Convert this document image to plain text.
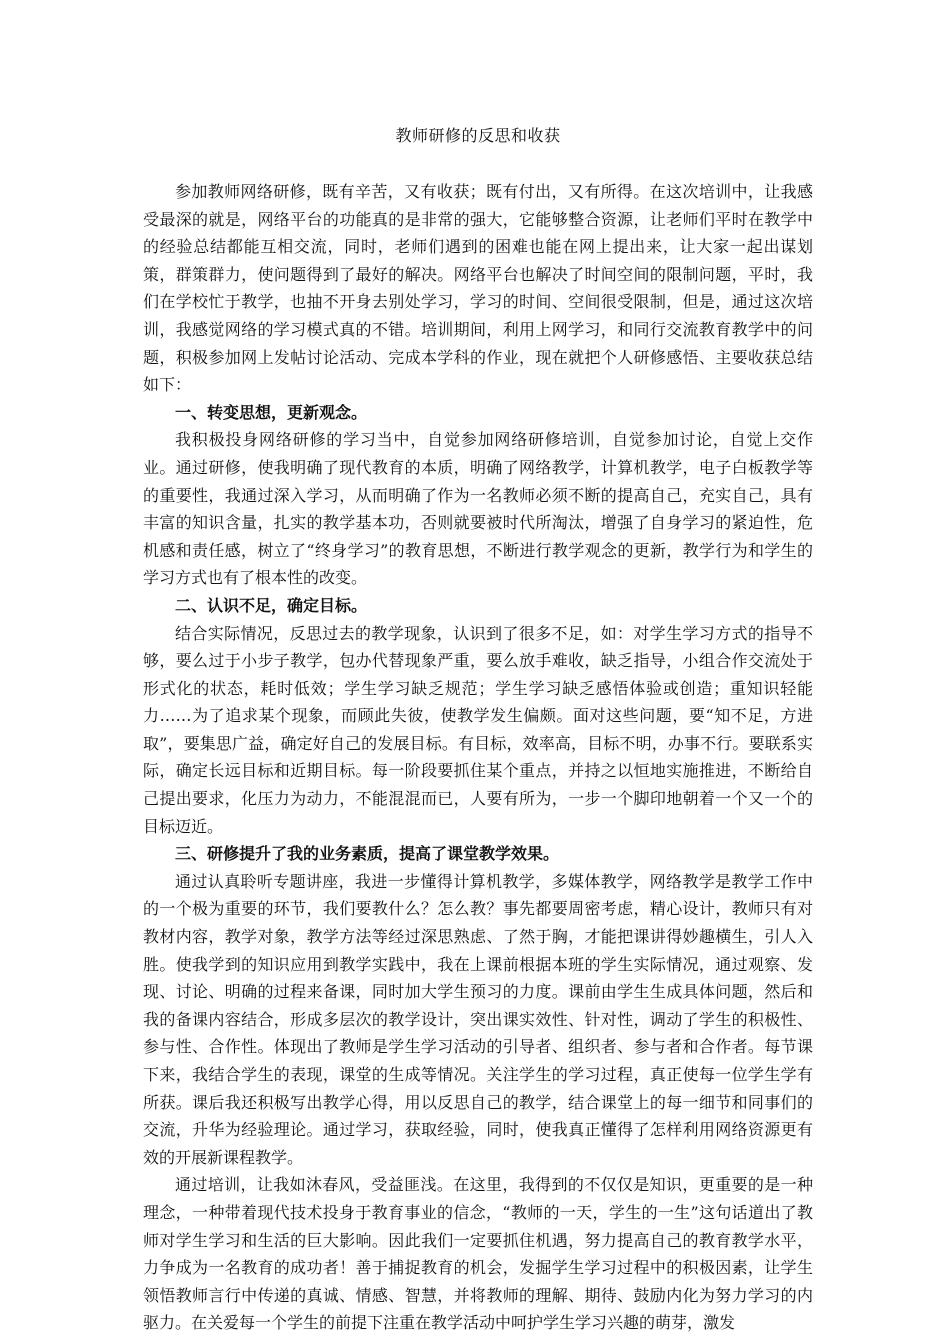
教师研修的反思和收获

参加教师网络研修，既有辛苦，又有收获；既有付出，又有所得。在这次培训中，让我感受最深的就是，网络平台的功能真的是非常的强大，它能够整合资源，让老师们平时在教学中的经验总结都能互相交流，同时，老师们遇到的困难也能在网上提出来，让大家一起出谋划策，群策群力，使问题得到了最好的解决。网络平台也解决了时间空间的限制问题，平时，我们在学校忙于教学，也抽不开身去别处学习，学习的时间、空间很受限制，但是，通过这次培训，我感觉网络的学习模式真的不错。培训期间，利用上网学习，和同行交流教育教学中的问题，积极参加网上发帖讨论活动、完成本学科的作业，现在就把个人研修感悟、主要收获总结如下：

一、转变思想，更新观念。

我积极投身网络研修的学习当中，自觉参加网络研修培训，自觉参加讨论，自觉上交作业。通过研修，使我明确了现代教育的本质，明确了网络教学，计算机教学，电子白板教学等的重要性，我通过深入学习，从而明确了作为一名教师必须不断的提高自己，充实自己，具有丰富的知识含量，扎实的教学基本功，否则就要被时代所淘汰，增强了自身学习的紧迫性，危机感和责任感，树立了“终身学习”的教育思想，不断进行教学观念的更新，教学行为和学生的学习方式也有了根本性的改变。

二、认识不足，确定目标。

结合实际情况，反思过去的教学现象，认识到了很多不足，如：对学生学习方式的指导不够，要么过于小步子教学，包办代替现象严重，要么放手难收，缺乏指导，小组合作交流处于形式化的状态，耗时低效；学生学习缺乏规范；学生学习缺乏感悟体验或创造；重知识轻能力……为了追求某个现象，而顾此失彼，使教学发生偏颇。面对这些问题，要“知不足，方进取”，要集思广益，确定好自己的发展目标。有目标，效率高，目标不明，办事不行。要联系实际，确定长远目标和近期目标。每一阶段要抓住某个重点，并持之以恒地实施推进，不断给自己提出要求，化压力为动力，不能混混而已，人要有所为，一步一个脚印地朝着一个又一个的目标迈近。

三、研修提升了我的业务素质，提高了课堂教学效果。

通过认真聆听专题讲座，我进一步懂得计算机教学，多媒体教学，网络教学是教学工作中的一个极为重要的环节，我们要教什么？怎么教？事先都要周密考虑，精心设计，教师只有对教材内容，教学对象，教学方法等经过深思熟虑、了然于胸，才能把课讲得妙趣横生，引人入胜。使我学到的知识应用到教学实践中，我在上课前根据本班的学生实际情况，通过观察、发现、讨论、明确的过程来备课，同时加大学生预习的力度。课前由学生生成具体问题，然后和我的备课内容结合，形成多层次的教学设计，突出课实效性、针对性，调动了学生的积极性、参与性、合作性。体现出了教师是学生学习活动的引导者、组织者、参与者和合作者。每节课下来，我结合学生的表现，课堂的生成等情况。关注学生的学习过程，真正使每一位学生学有所获。课后我还积极写出教学心得，用以反思自己的教学，结合课堂上的每一细节和同事们的交流，升华为经验理论。通过学习，获取经验，同时，使我真正懂得了怎样利用网络资源更有效的开展新课程教学。

通过培训，让我如沐春风，受益匪浅。在这里，我得到的不仅仅是知识，更重要的是一种理念，一种带着现代技术投身于教育事业的信念，“教师的一天，学生的一生”这句话道出了教师对学生学习和生活的巨大影响。因此我们一定要抓住机遇，努力提高自己的教育教学水平，力争成为一名教育的成功者！善于捕捉教育的机会，发掘学生学习过程中的积极因素，让学生领悟教师言行中传递的真诚、情感、智慧，并将教师的理解、期待、鼓励内化为努力学习的内驱力。在关爱每一个学生的前提下注重在教学活动中呵护学生学习兴趣的萌芽，激发
